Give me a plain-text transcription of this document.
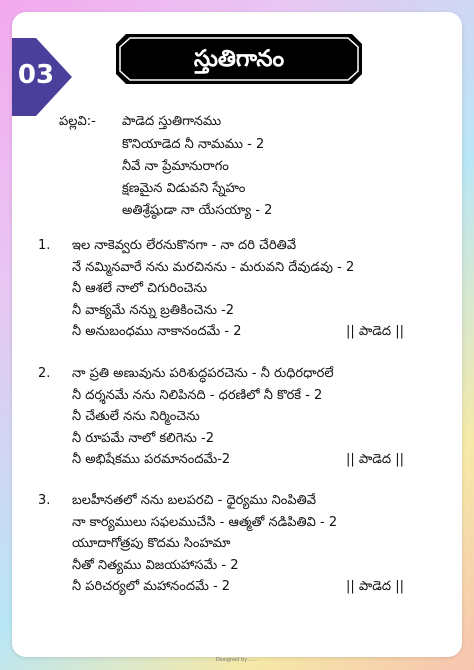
03
స్తుతిగానం
పల్లవి:- పాడెద స్తుతిగానము
కొనియాడెద నీ నామము - 2
నీవే నా ప్రేమానురాగం
క్షణమైన విడువని స్నేహం
అతిశ్రేష్ఠుడా నా యేసయ్యా - 2
1. ఇల నాకెవ్వరు లేరనుకొనగా - నా దరి చేరితివే
నే నమ్మినవారే నను మరచినను - మరువని దేవుడవు - 2
నీ ఆశలే నాలో చిగురించెను
నీ వాక్యమే నన్ను బ్రతికించెను -2
నీ అనుబంధము నాకానందమే - 2	|| పాడెద ||
2. నా ప్రతి అణువును పరిశుద్ధపరచెను - నీ రుధిరధారలే
నీ దర్శనమే నను నిలిపినది - ధరణిలో నీ కొరకే - 2
నీ చేతులే నను నిర్మించెను
నీ రూపమే నాలో కలిగెను -2
నీ అభిషేకము పరమానందమే-2	|| పాడెద ||
3. బలహీనతలో నను బలపరచి - ధైర్యము నింపితివే
నా కార్యములు సఫలముచేసి - ఆత్మతో నడిపితివి - 2
యూదాగోత్రపు కొదమ సింహమా
నీతో నిత్యము విజయహాసమే - 2
నీ పరిచర్యలో మహానందమే - 2	|| పాడెద ||
Designed by ......
